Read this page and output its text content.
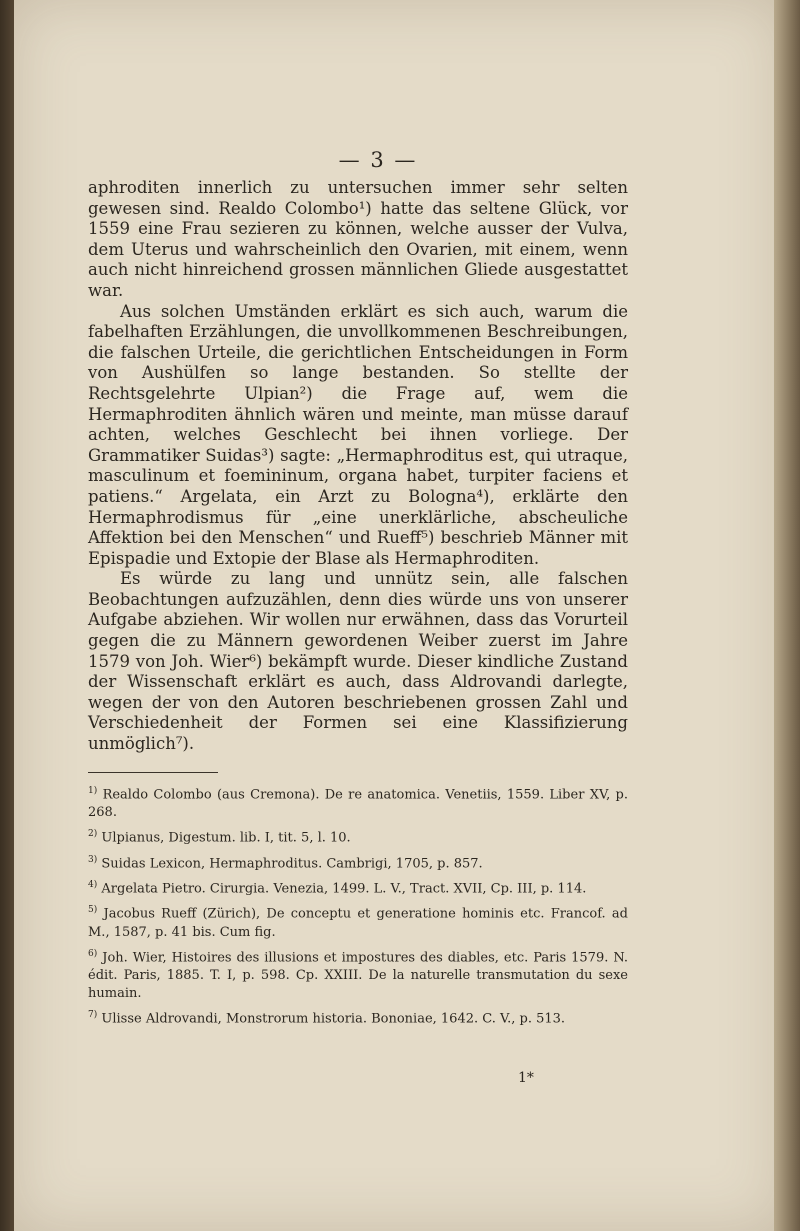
— 3 —

aphroditen innerlich zu untersuchen immer sehr selten gewesen sind. Realdo Colombo¹) hatte das seltene Glück, vor 1559 eine Frau sezieren zu können, welche ausser der Vulva, dem Uterus und wahrscheinlich den Ovarien, mit einem, wenn auch nicht hinreichend grossen männlichen Gliede ausgestattet war.

Aus solchen Umständen erklärt es sich auch, warum die fabelhaften Erzählungen, die unvollkommenen Beschreibungen, die falschen Urteile, die gerichtlichen Entscheidungen in Form von Aushülfen so lange bestanden. So stellte der Rechtsgelehrte Ulpian²) die Frage auf, wem die Hermaphroditen ähnlich wären und meinte, man müsse darauf achten, welches Geschlecht bei ihnen vorliege. Der Grammatiker Suidas³) sagte: „Hermaphroditus est, qui utraque, masculinum et foemininum, organa habet, turpiter faciens et patiens.“ Argelata, ein Arzt zu Bologna⁴), erklärte den Hermaphrodismus für „eine unerklärliche, abscheuliche Affektion bei den Menschen“ und Rueff⁵) beschrieb Männer mit Epispadie und Extopie der Blase als Hermaphroditen.

Es würde zu lang und unnütz sein, alle falschen Beobachtungen aufzuzählen, denn dies würde uns von unserer Aufgabe abziehen. Wir wollen nur erwähnen, dass das Vorurteil gegen die zu Männern gewordenen Weiber zuerst im Jahre 1579 von Joh. Wier⁶) bekämpft wurde. Dieser kindliche Zustand der Wissenschaft erklärt es auch, dass Aldrovandi darlegte, wegen der von den Autoren beschriebenen grossen Zahl und Verschiedenheit der Formen sei eine Klassifizierung unmöglich⁷).

$^{1)}$ Realdo Colombo (aus Cremona). De re anatomica. Venetiis, 1559. Liber XV, p. 268.

$^{2)}$ Ulpianus, Digestum. lib. I, tit. 5, l. 10.

$^{3)}$ Suidas Lexicon, Hermaphroditus. Cambrigi, 1705, p. 857.

$^{4)}$ Argelata Pietro. Cirurgia. Venezia, 1499. L. V., Tract. XVII, Cp. III, p. 114.

$^{5)}$ Jacobus Rueff (Zürich), De conceptu et generatione hominis etc. Francof. ad M., 1587, p. 41 bis. Cum fig.

$^{6)}$ Joh. Wier, Histoires des illusions et impostures des diables, etc. Paris 1579. N. édit. Paris, 1885. T. I, p. 598. Cp. XXIII. De la naturelle transmutation du sexe humain.

$^{7)}$ Ulisse Aldrovandi, Monstrorum historia. Bononiae, 1642. C. V., p. 513.

1*
